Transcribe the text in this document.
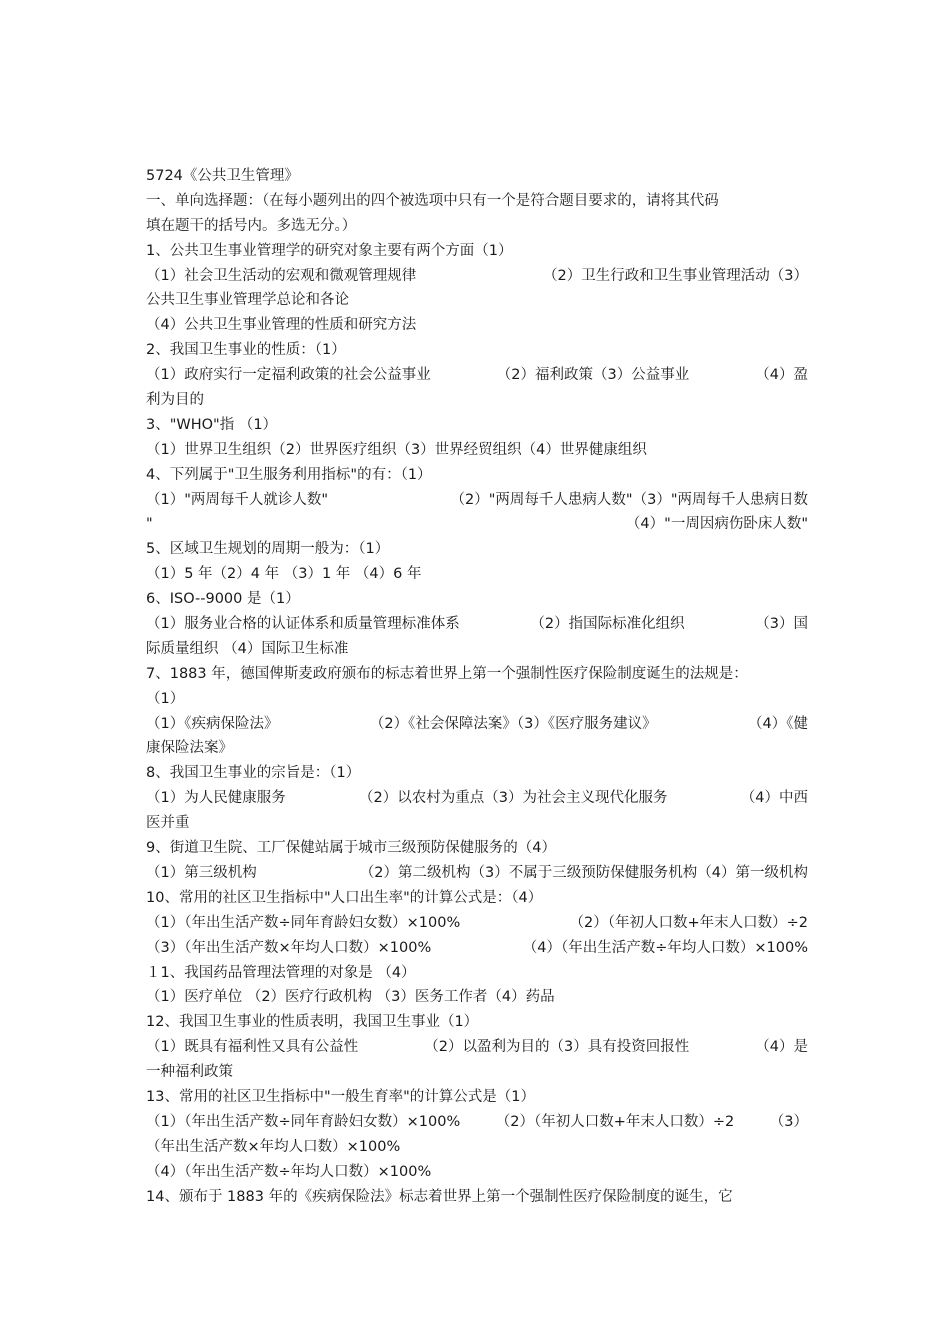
5724《公共卫生管理》
一、单向选择题：（在每小题列出的四个被选项中只有一个是符合题目要求的，请将其代码
填在题干的括号内。多选无分。）
1、公共卫生事业管理学的研究对象主要有两个方面（1）
（1）社会卫生活动的宏观和微观管理规律	（2）卫生行政和卫生事业管理活动（3）
公共卫生事业管理学总论和各论
（4）公共卫生事业管理的性质和研究方法
2、我国卫生事业的性质：（1）
（1）政府实行一定福利政策的社会公益事业	（2）福利政策（3）公益事业	（4）盈
利为目的
3、"WHO"指 （1）
（1）世界卫生组织（2）世界医疗组织（3）世界经贸组织（4）世界健康组织
4、下列属于"卫生服务利用指标"的有：（1）
（1）"两周每千人就诊人数"	（2）"两周每千人患病人数"（3）"两周每千人患病日数
"	（4）"一周因病伤卧床人数"
5、区域卫生规划的周期一般为：（1）
（1）5 年（2）4 年 （3）1 年 （4）6 年
6、ISO--9000 是（1）
（1）服务业合格的认证体系和质量管理标准体系	（2）指国际标准化组织	（3）国
际质量组织 （4）国际卫生标准
7、1883 年，德国俾斯麦政府颁布的标志着世界上第一个强制性医疗保险制度诞生的法规是：
（1）
（1）《疾病保险法》	（2）《社会保障法案》（3）《医疗服务建议》	（4）《健
康保险法案》
8、我国卫生事业的宗旨是：（1）
（1）为人民健康服务	（2）以农村为重点（3）为社会主义现代化服务	（4）中西
医并重
9、街道卫生院、工厂保健站属于城市三级预防保健服务的（4）
（1）第三级机构	（2）第二级机构（3）不属于三级预防保健服务机构（4）第一级机构
10、常用的社区卫生指标中"人口出生率"的计算公式是：（4）
（1）（年出生活产数÷同年育龄妇女数）×100%	（2）（年初人口数+年末人口数）÷2
（3）（年出生活产数×年均人口数）×100%	（4）（年出生活产数÷年均人口数）×100%
１1、我国药品管理法管理的对象是 （4）
（1）医疗单位 （2）医疗行政机构 （3）医务工作者（4）药品
12、我国卫生事业的性质表明，我国卫生事业（1）
（1）既具有福利性又具有公益性	（2）以盈利为目的（3）具有投资回报性	（4）是
一种福利政策
13、常用的社区卫生指标中"一般生育率"的计算公式是（1）
（1）（年出生活产数÷同年育龄妇女数）×100% （2）（年初人口数+年末人口数）÷2 （3）
（年出生活产数×年均人口数）×100%
（4）（年出生活产数÷年均人口数）×100%
14、颁布于 1883 年的《疾病保险法》标志着世界上第一个强制性医疗保险制度的诞生，它
